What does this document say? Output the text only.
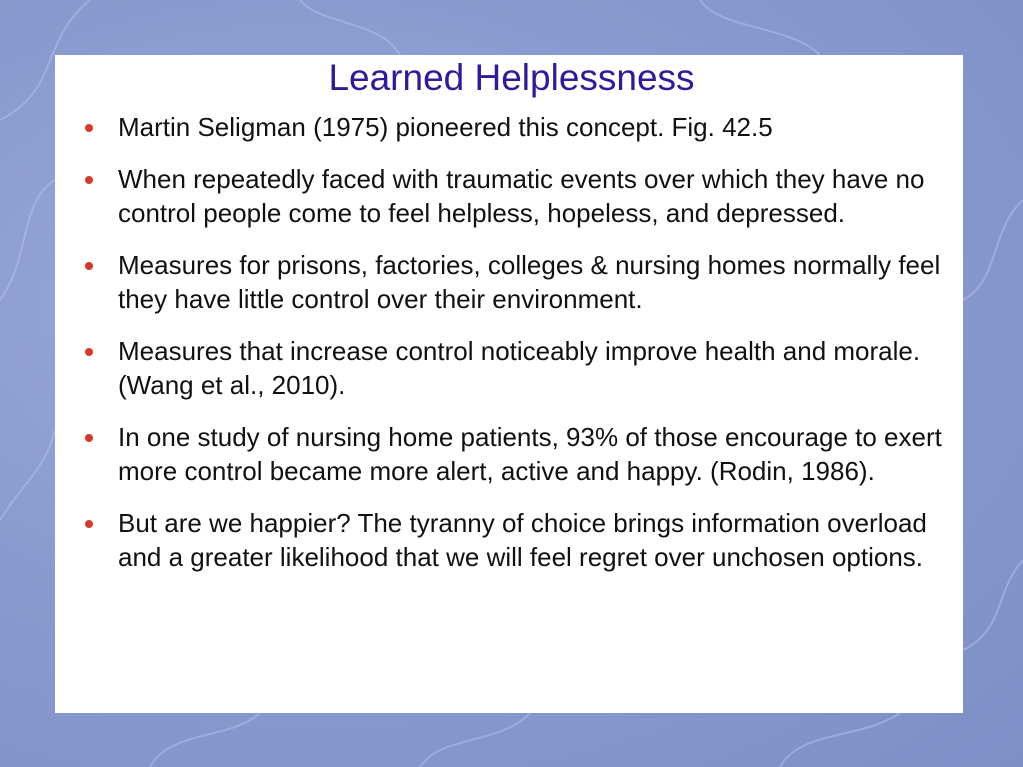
Learned Helplessness
Martin Seligman (1975) pioneered this concept. Fig. 42.5
When repeatedly faced with traumatic events over which they have no control people come to feel helpless, hopeless, and depressed.
Measures for prisons, factories, colleges & nursing homes normally feel they have little control over their environment.
Measures that increase control noticeably improve health and morale. (Wang et al., 2010).
In one study of nursing home patients, 93% of those encourage to exert more control became more alert, active and happy. (Rodin, 1986).
But are we happier? The tyranny of choice brings information overload and a greater likelihood that we will feel regret over unchosen options.
